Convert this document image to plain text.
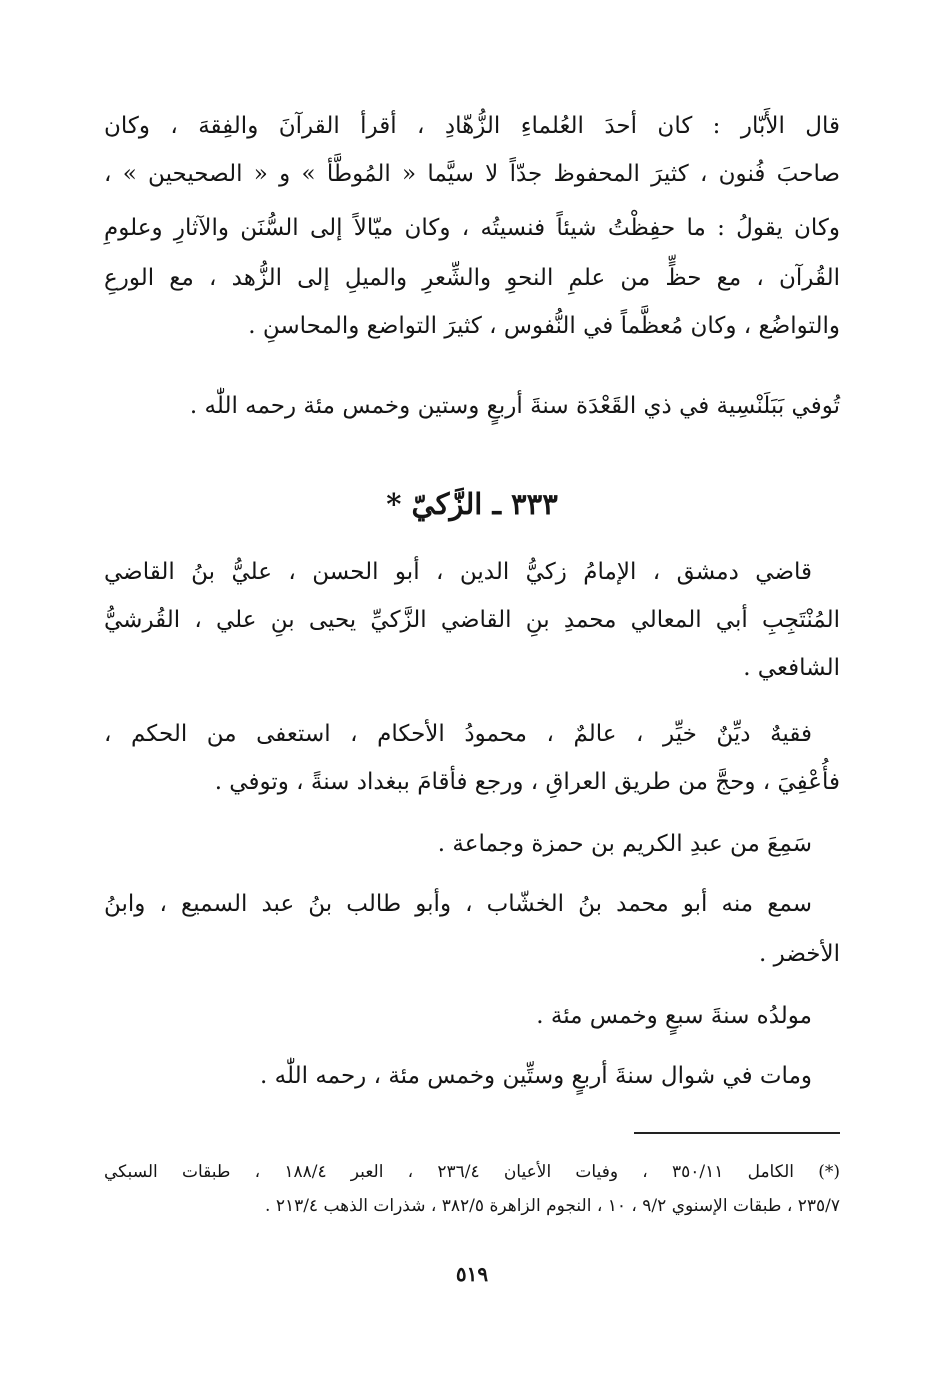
قال الأَبّار : كان أحدَ العُلماءِ الزُّهّادِ ، أقرأ القرآنَ والفِقهَ ، وكان
صاحبَ فُنون ، كثيرَ المحفوظ جدّاً لا سيَّما « المُوطَّأ » و « الصحيحين » ،
وكان يقولُ : ما حفِظْتُ شيئاً فنسيتُه ، وكان ميّالاً إلى السُّنَن والآثارِ وعلومِ
القُرآن ، مع حظٍّ من علمِ النحوِ والشِّعرِ والميلِ إلى الزُّهد ، مع الورعِ
والتواضُع ، وكان مُعظَّماً في النُّفوس ، كثيرَ التواضع والمحاسنِ .
تُوفي بَبَلَنْسِية في ذي القَعْدَة سنةَ أربعٍ وستين وخمس مئة رحمه اللّٰه .
٣٣٣ ـ الزَّكيّ *
قاضي دمشق ، الإمامُ زكيُّ الدين ، أبو الحسن ، عليُّ بنُ القاضي
المُنْتَجِبِ أبي المعالي محمدِ بنِ القاضي الزَّكيِّ يحيى بنِ علي ، القُرشيُّ
الشافعي .
فقيهٌ ديِّنٌ خيِّر ، عالمٌ ، محمودُ الأحكام ، استعفى من الحكم ،
فأُعْفِيَ ، وحجَّ من طريق العراقِ ، ورجع فأقامَ ببغداد سنةً ، وتوفي .
سَمِعَ من عبدِ الكريم بن حمزة وجماعة .
سمع منه أبو محمد بنُ الخشّاب ، وأبو طالب بنُ عبد السميع ، وابنُ
الأخضر .
مولدُه سنةَ سبعٍ وخمس مئة .
ومات في شوال سنةَ أربعٍ وستِّين وخمس مئة ، رحمه اللّٰه .
(*) الكامل ٣٥٠/١١ ، وفيات الأعيان ٢٣٦/٤ ، العبر ١٨٨/٤ ، طبقات السبكي
٢٣٥/٧ ، طبقات الإسنوي ٩/٢ ، ١٠ ، النجوم الزاهرة ٣٨٢/٥ ، شذرات الذهب ٢١٣/٤ .
٥١٩
